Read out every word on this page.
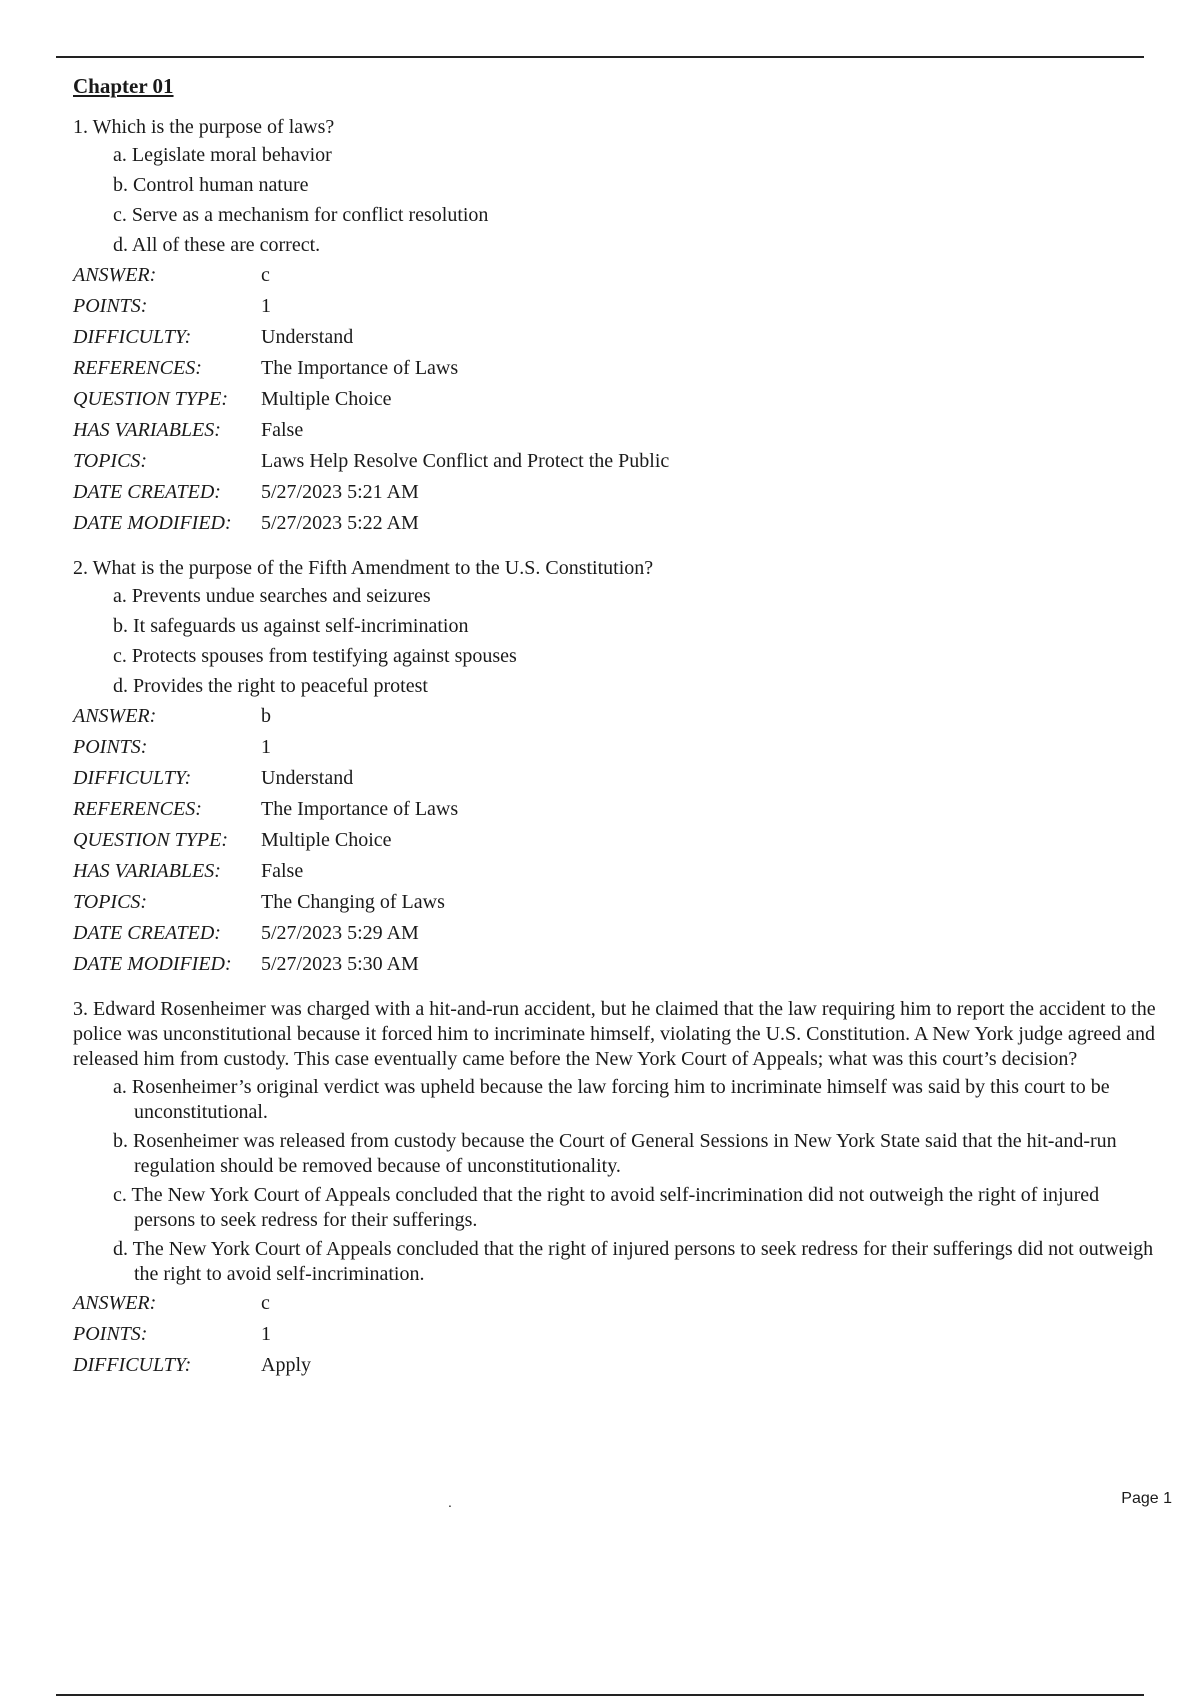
Chapter 01

1. Which is the purpose of laws?

a. Legislate moral behavior
b. Control human nature
c. Serve as a mechanism for conflict resolution
d. All of these are correct.
ANSWER:	c
POINTS:	1
DIFFICULTY:	Understand
REFERENCES:	The Importance of Laws
QUESTION TYPE:	Multiple Choice
HAS VARIABLES:	False
TOPICS:	Laws Help Resolve Conflict and Protect the Public
DATE CREATED:	5/27/2023 5:21 AM
DATE MODIFIED:	5/27/2023 5:22 AM

2. What is the purpose of the Fifth Amendment to the U.S. Constitution?

a. Prevents undue searches and seizures
b. It safeguards us against self-incrimination
c. Protects spouses from testifying against spouses
d. Provides the right to peaceful protest
ANSWER:	b
POINTS:	1
DIFFICULTY:	Understand
REFERENCES:	The Importance of Laws
QUESTION TYPE:	Multiple Choice
HAS VARIABLES:	False
TOPICS:	The Changing of Laws
DATE CREATED:	5/27/2023 5:29 AM
DATE MODIFIED:	5/27/2023 5:30 AM

3. Edward Rosenheimer was charged with a hit-and-run accident, but he claimed that the law requiring him to report the accident to the police was unconstitutional because it forced him to incriminate himself, violating the U.S. Constitution. A New York judge agreed and released him from custody. This case eventually came before the New York Court of Appeals; what was this court’s decision?

a. Rosenheimer’s original verdict was upheld because the law forcing him to incriminate himself was said by this court to be unconstitutional.
b. Rosenheimer was released from custody because the Court of General Sessions in New York State said that the hit-and-run regulation should be removed because of unconstitutionality.
c. The New York Court of Appeals concluded that the right to avoid self-incrimination did not outweigh the right of injured persons to seek redress for their sufferings.
d. The New York Court of Appeals concluded that the right of injured persons to seek redress for their sufferings did not outweigh the right to avoid self-incrimination.
ANSWER:	c
POINTS:	1
DIFFICULTY:	Apply
.	Page 1
